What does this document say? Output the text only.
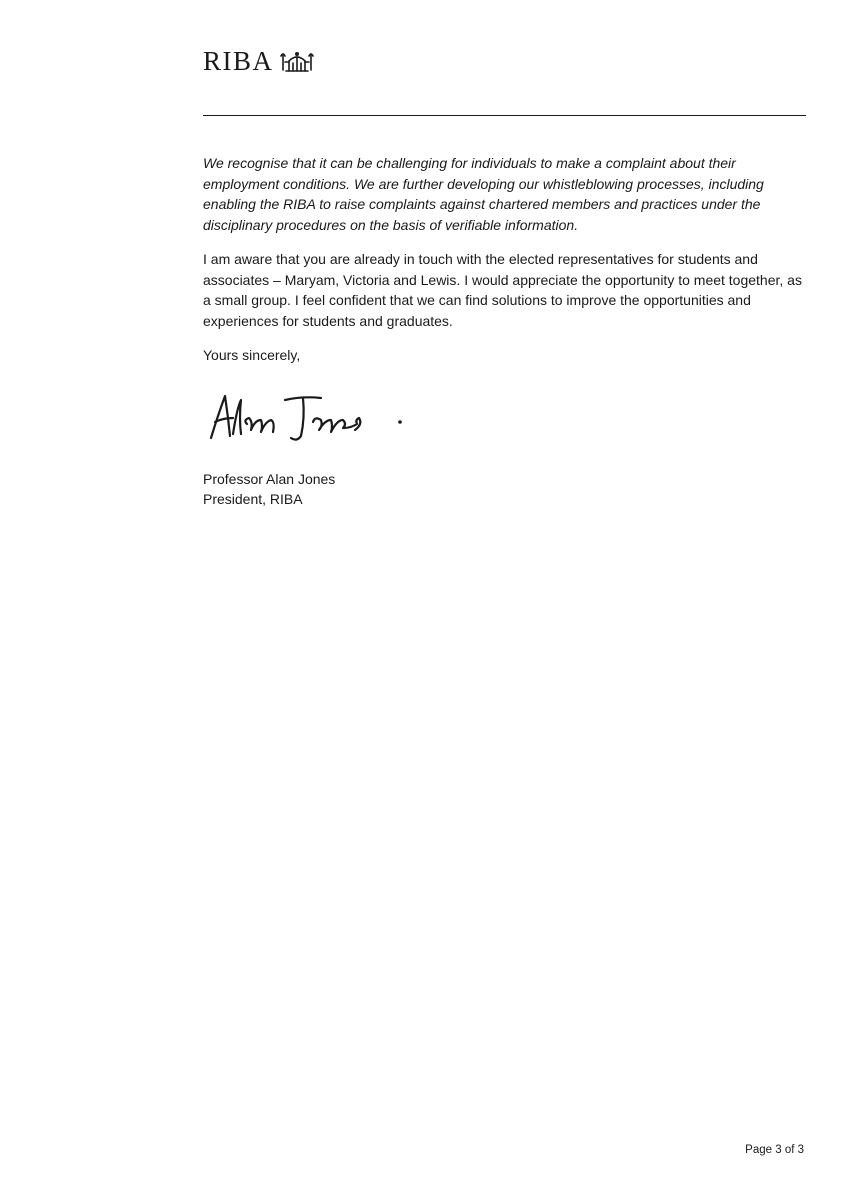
RIBA

We recognise that it can be challenging for individuals to make a complaint about their employment conditions. We are further developing our whistleblowing processes, including enabling the RIBA to raise complaints against chartered members and practices under the disciplinary procedures on the basis of verifiable information.

I am aware that you are already in touch with the elected representatives for students and associates – Maryam, Victoria and Lewis. I would appreciate the opportunity to meet together, as a small group. I feel confident that we can find solutions to improve the opportunities and experiences for students and graduates.

Yours sincerely,

Professor Alan Jones
President, RIBA
Page 3 of 3
